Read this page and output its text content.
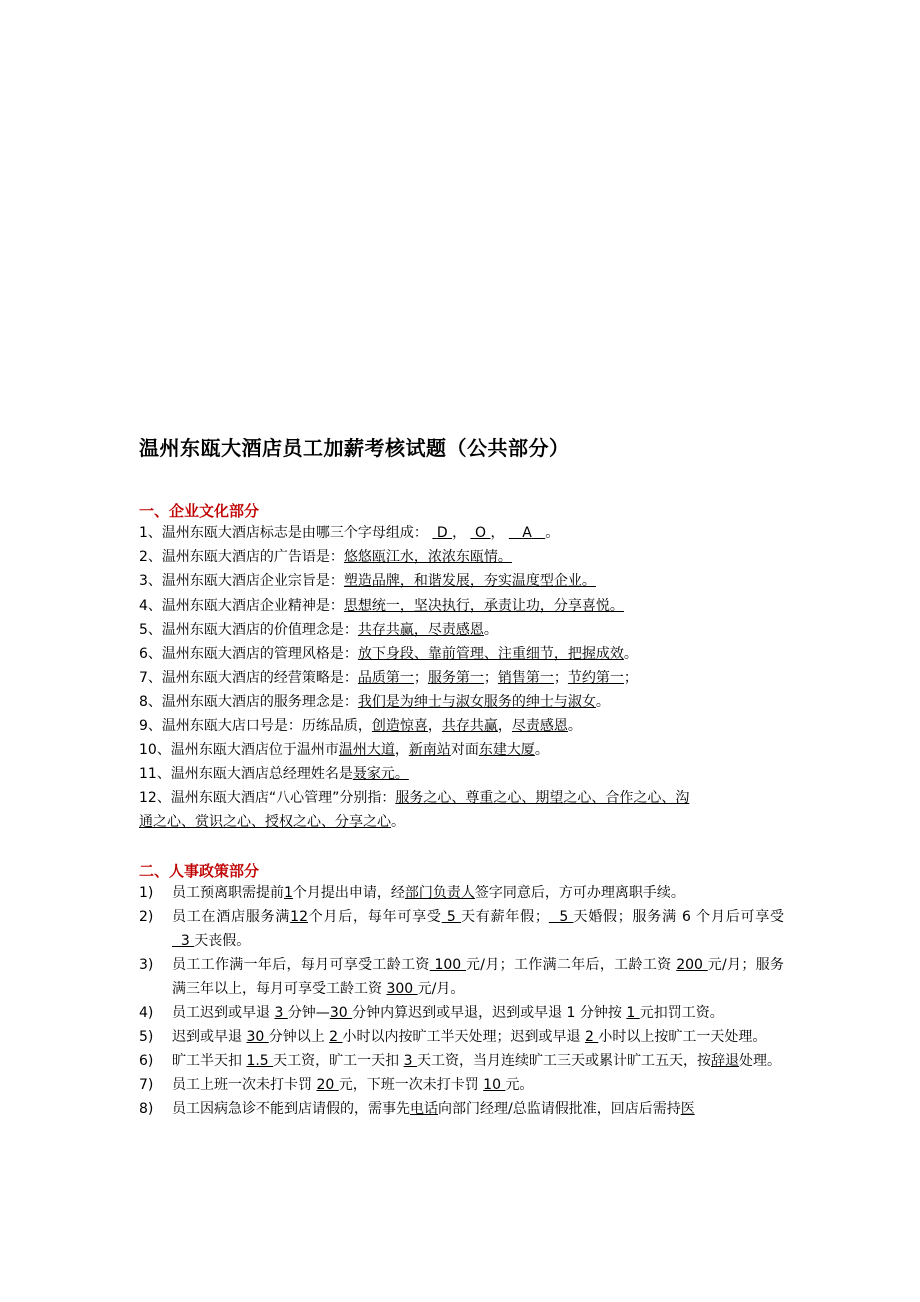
温州东瓯大酒店员工加薪考核试题（公共部分）
一、企业文化部分
1、温州东瓯大酒店标志是由哪三个字母组成： D ， O ， A 。
2、温州东瓯大酒店的广告语是：悠悠瓯江水，浓浓东瓯情。
3、温州东瓯大酒店企业宗旨是：塑造品牌，和谐发展，夯实温度型企业。
4、温州东瓯大酒店企业精神是：思想统一，坚决执行，承责让功，分享喜悦。
5、温州东瓯大酒店的价值理念是：共存共赢，尽责感恩。
6、温州东瓯大酒店的管理风格是：放下身段、靠前管理、注重细节，把握成效。
7、温州东瓯大酒店的经营策略是：品质第一；服务第一；销售第一；节约第一；
8、温州东瓯大酒店的服务理念是：我们是为绅士与淑女服务的绅士与淑女。
9、温州东瓯大店口号是：历练品质，创造惊喜，共存共赢，尽责感恩。
10、温州东瓯大酒店位于温州市温州大道，新南站对面东建大厦。
11、温州东瓯大酒店总经理姓名是聂家元。
12、温州东瓯大酒店“八心管理”分别指：服务之心、尊重之心、期望之心、合作之心、沟
通之心、赏识之心、授权之心、分享之心。
二、人事政策部分
1)	员工预离职需提前1个月提出申请，经部门负责人签字同意后，方可办理离职手续。
2)	员工在酒店服务满12个月后，每年可享受 5 天有薪年假；  5 天婚假；服务满 6 个月后可享受  3 天丧假。
3)	员工工作满一年后，每月可享受工龄工资 100 元/月；工作满二年后，工龄工资 200 元/月；服务满三年以上，每月可享受工龄工资 300 元/月。
4)	员工迟到或早退 3 分钟—30 分钟内算迟到或早退，迟到或早退 1 分钟按 1 元扣罚工资。
5)	迟到或早退 30 分钟以上 2 小时以内按旷工半天处理；迟到或早退 2 小时以上按旷工一天处理。
6)	旷工半天扣 1.5 天工资，旷工一天扣 3 天工资，当月连续旷工三天或累计旷工五天，按辞退处理。
7)	员工上班一次未打卡罚 20 元，下班一次未打卡罚 10 元。
8)	员工因病急诊不能到店请假的，需事先电话向部门经理/总监请假批准，回店后需持医
